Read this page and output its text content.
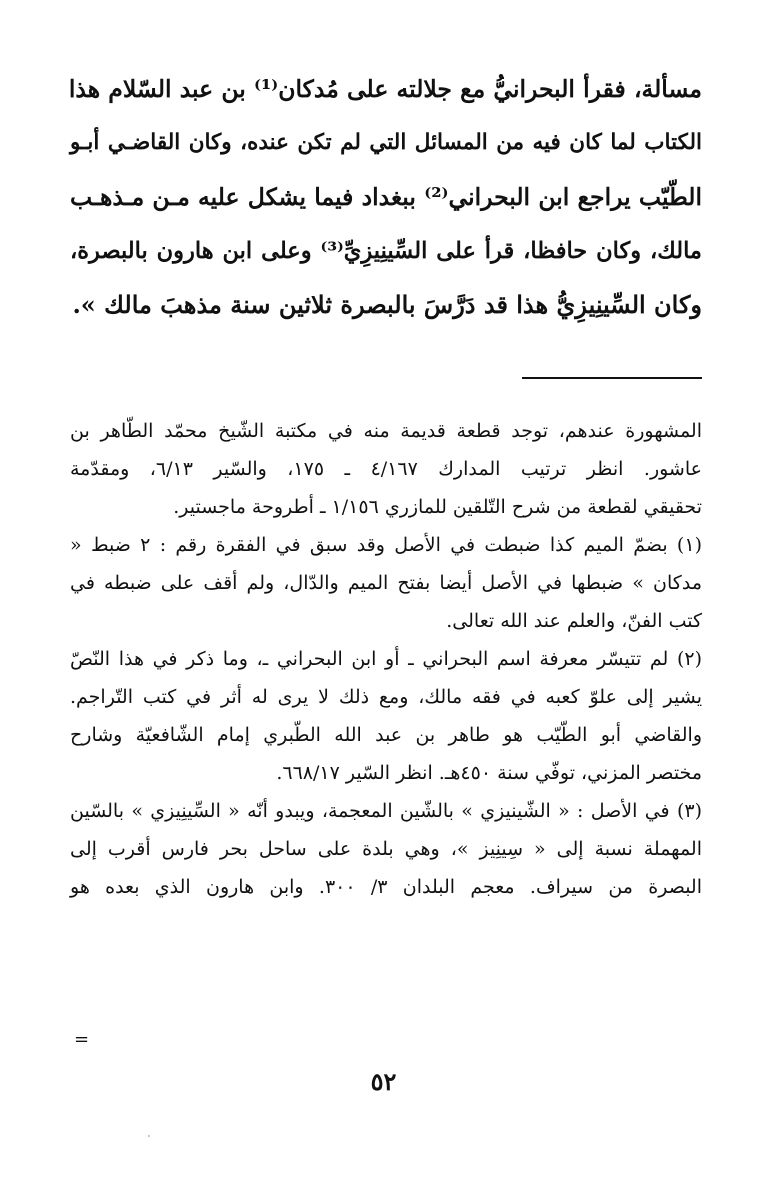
مسألة، فقرأ البحرانيُّ مع جلالته على مُدكان⁽¹⁾ بن عبد السّلام هذا
الكتاب لما كان فيه من المسائل التي لم تكن عنده، وكان القاضـي أبـو
الطّيّب يراجع ابن البحراني⁽²⁾ ببغداد فيما يشكل عليه مـن مـذهـب
مالك، وكان حافظا، قرأ على السِّينِيزِيِّ⁽³⁾ وعلى ابن هارون بالبصرة،
وكان السِّينِيزِيُّ هذا قد دَرَّسَ بالبصرة ثلاثين سنة مذهبَ مالك ».
المشهورة عندهم، توجد قطعة قديمة منه في مكتبة الشّيخ محمّد الطّاهر بن
عاشور. انظر ترتيب المدارك ٤/١٦٧ ـ ١٧٥، والسّير ٦/١٣، ومقدّمة
تحقيقي لقطعة من شرح التّلقين للمازري ١/١٥٦ ـ أطروحة ماجستير.
(١) بضمّ الميم كذا ضبطت في الأصل وقد سبق في الفقرة رقم : ٢ ضبط «
مدكان » ضبطها في الأصل أيضا بفتح الميم والدّال، ولم أقف على ضبطه في
كتب الفنّ، والعلم عند الله تعالى.
(٢) لم تتيسّر معرفة اسم البحراني ـ أو ابن البحراني ـ، وما ذكر في هذا النّصّ
يشير إلى علوّ كعبه في فقه مالك، ومع ذلك لا يرى له أثر في كتب التّراجم.
والقاضي أبو الطّيّب هو طاهر بن عبد الله الطّبري إمام الشّافعيّة وشارح
مختصر المزني، توفّي سنة ٤٥٠هـ. انظر السّير ٦٦٨/١٧.
(٣) في الأصل : « الشّينيزي » بالشّين المعجمة، ويبدو أنّه « السِّينِيزي » بالسّين
المهملة نسبة إلى « سِينِيز »، وهي بلدة على ساحل بحر فارس أقرب إلى
البصرة من سيراف. معجم البلدان ٣/ ٣٠٠. وابن هارون الذي بعده هو
=
٥٢
